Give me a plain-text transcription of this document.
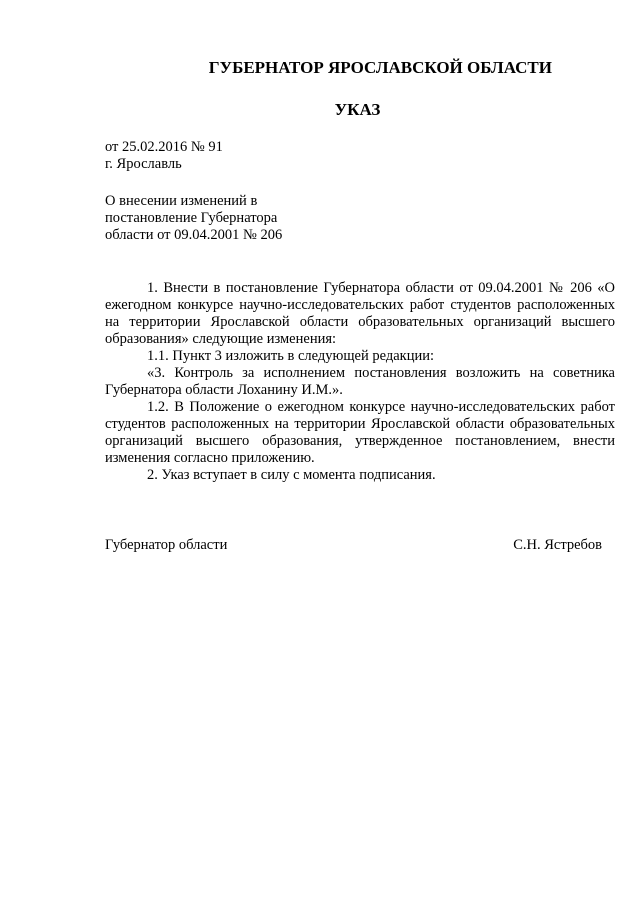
ГУБЕРНАТОР ЯРОСЛАВСКОЙ ОБЛАСТИ
УКАЗ

от 25.02.2016 № 91

г. Ярославль

О внесении изменений в

постановление Губернатора

области от 09.04.2001 № 206

1. Внести в постановление Губернатора области от 09.04.2001 № 206 «О ежегодном конкурсе научно-исследовательских работ студентов расположенных на территории Ярославской области образовательных организаций высшего образования» следующие изменения:

1.1. Пункт 3 изложить в следующей редакции:

«3. Контроль за исполнением постановления возложить на советника Губернатора области Лоханину И.М.».

1.2. В Положение о ежегодном конкурсе научно-исследовательских работ студентов расположенных на территории Ярославской области образовательных организаций высшего образования, утвержденное постановлением, внести изменения согласно приложению.

2. Указ вступает в силу с момента подписания.

Губернатор области	С.Н. Ястребов
